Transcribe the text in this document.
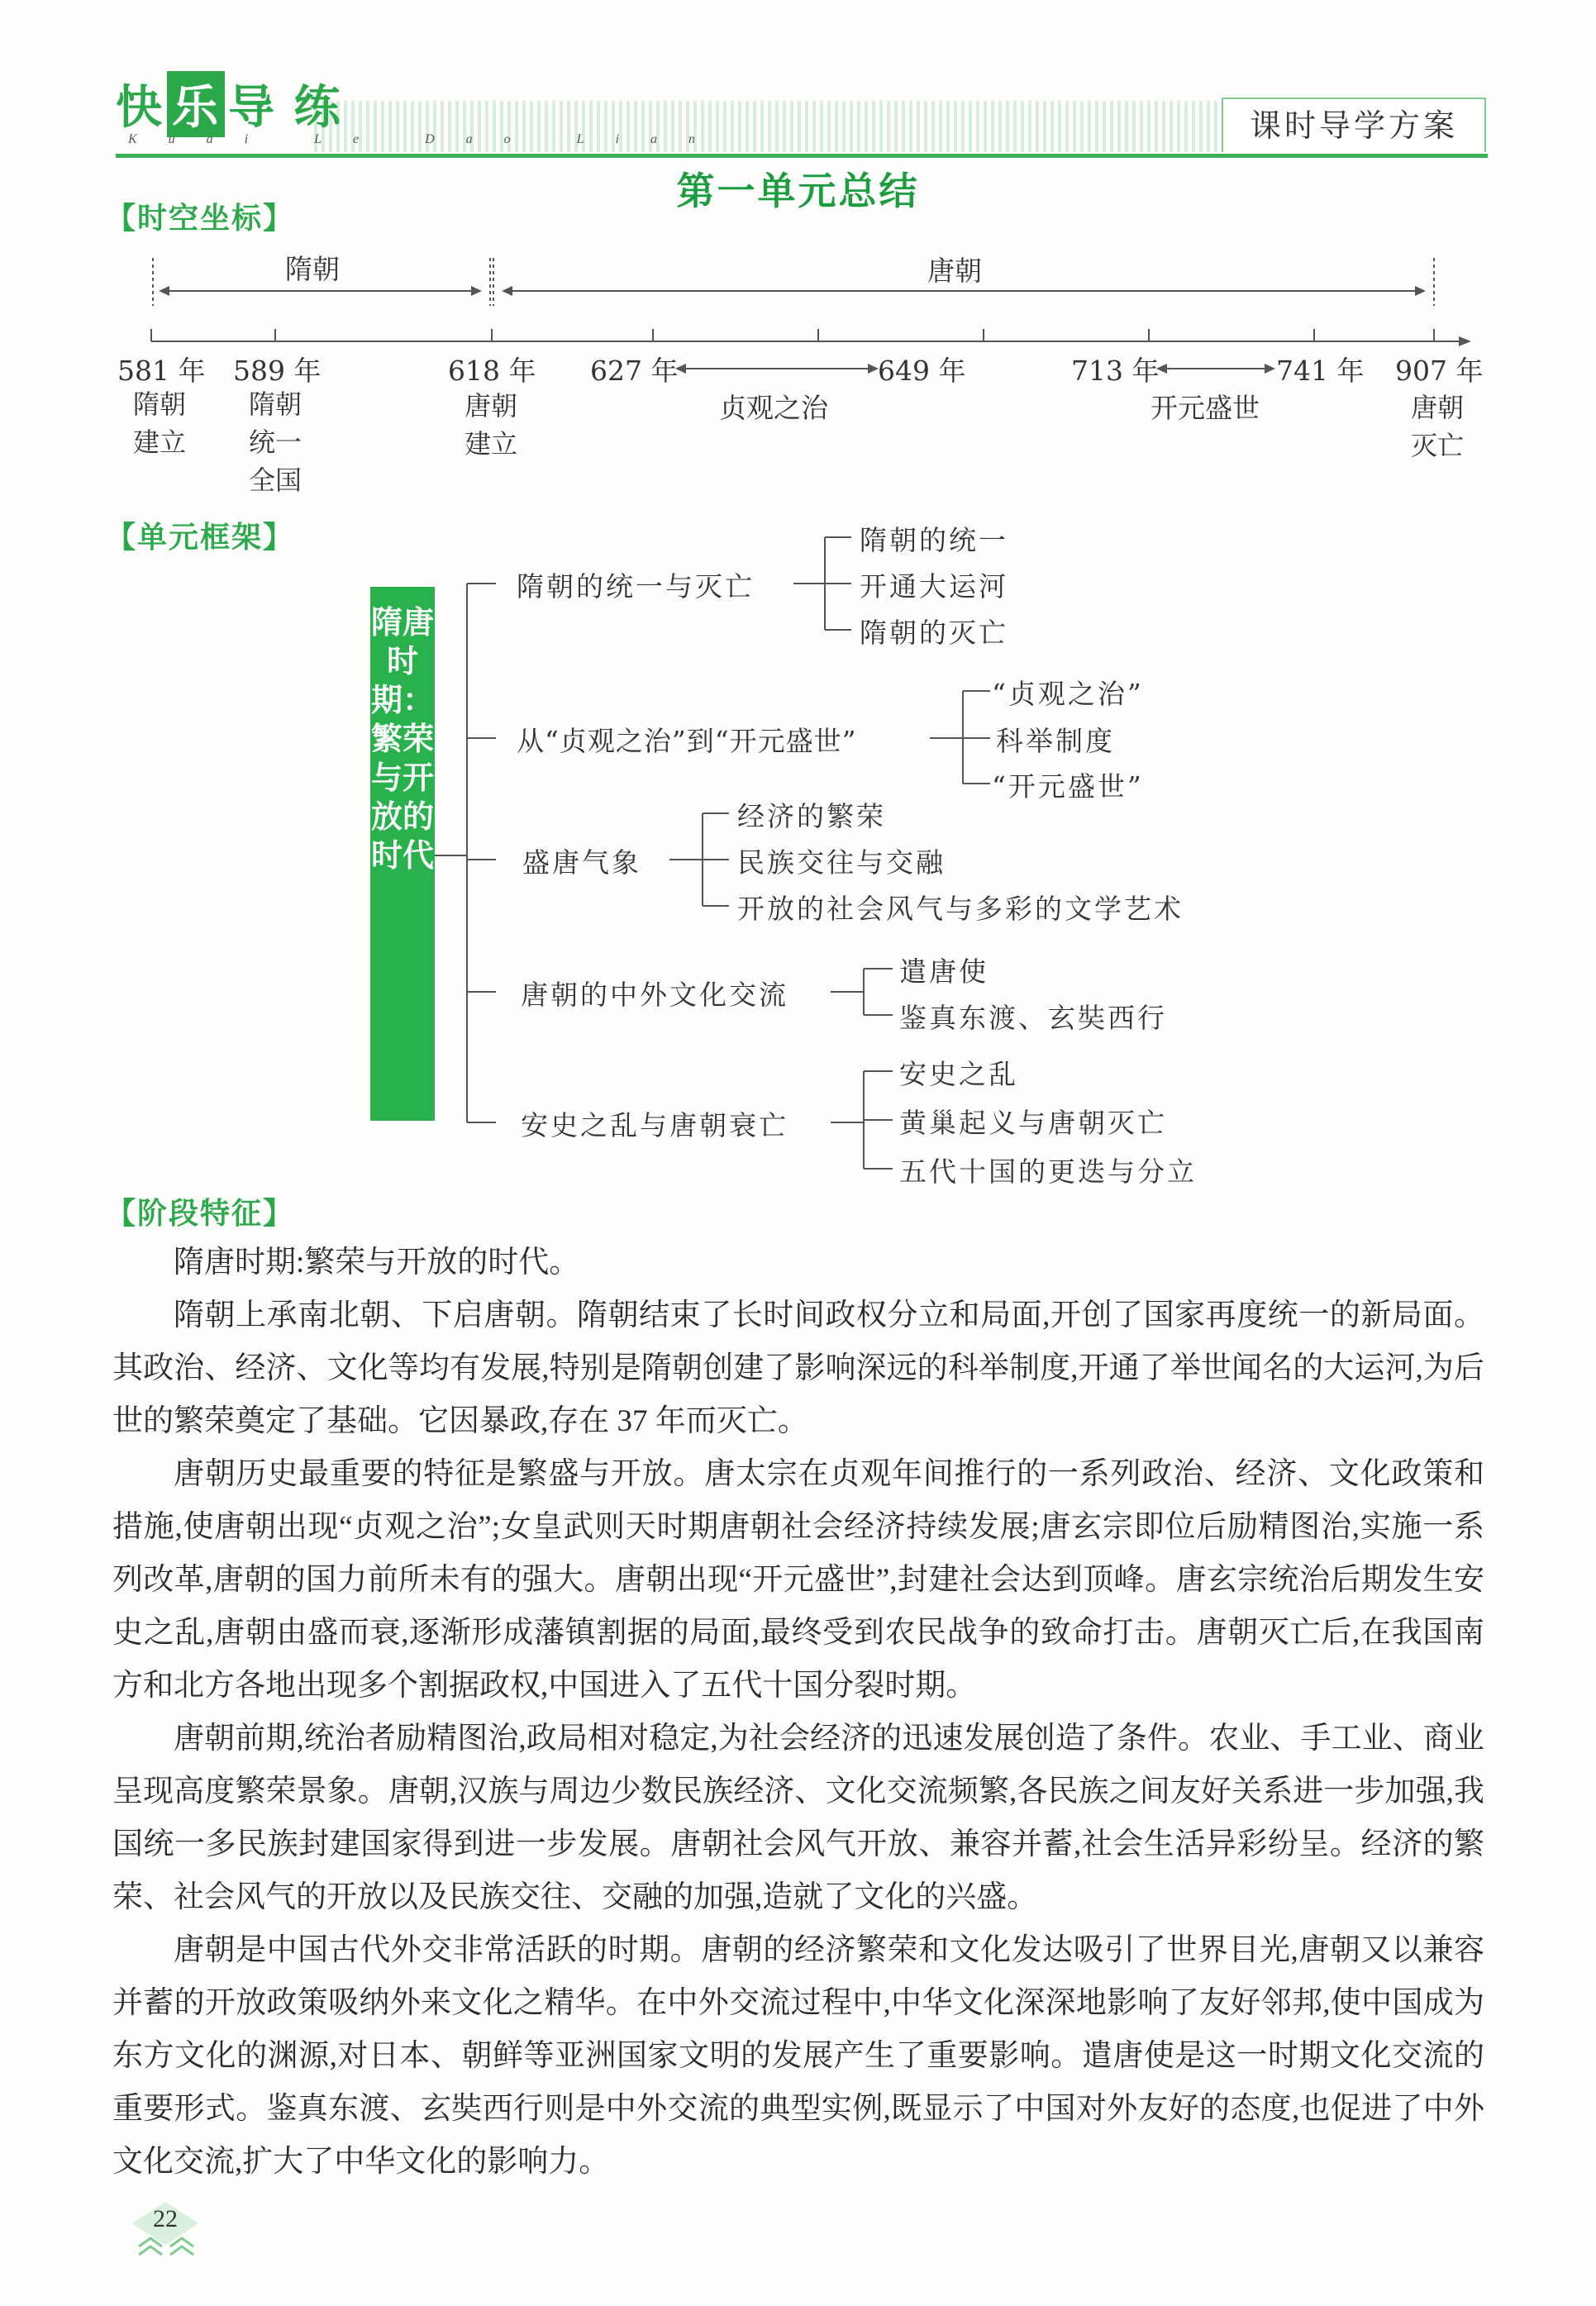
快 乐 导 练
Kuai Le Dao Lian	课时导学方案
第一单元总结
【时空坐标】
隋朝	唐朝
581 年 589 年	618 年 627 年	649 年	713 年	741 年 907 年
隋朝
建立
隋朝
统一
全国
唐朝
建立
唐朝
灭亡
贞观之治	开元盛世
【单元框架】
隋唐时期：繁荣与开放的时代
隋朝的统一与灭亡
隋朝的统一
开通大运河
隋朝的灭亡
从“贞观之治”到“开元盛世”
“贞观之治”
科举制度
“开元盛世”
盛唐气象
经济的繁荣
民族交往与交融
开放的社会风气与多彩的文学艺术
唐朝的中外文化交流
遣唐使
鉴真东渡、玄奘西行
安史之乱与唐朝衰亡
安史之乱
黄巢起义与唐朝灭亡
五代十国的更迭与分立
【阶段特征】

隋唐时期:繁荣与开放的时代。

隋朝上承南北朝、下启唐朝。隋朝结束了长时间政权分立和局面,开创了国家再度统一的新局面。其政治、经济、文化等均有发展,特别是隋朝创建了影响深远的科举制度,开通了举世闻名的大运河,为后世的繁荣奠定了基础。它因暴政,存在 37 年而灭亡。

唐朝历史最重要的特征是繁盛与开放。唐太宗在贞观年间推行的一系列政治、经济、文化政策和措施,使唐朝出现“贞观之治”;女皇武则天时期唐朝社会经济持续发展;唐玄宗即位后励精图治,实施一系列改革,唐朝的国力前所未有的强大。唐朝出现“开元盛世”,封建社会达到顶峰。唐玄宗统治后期发生安史之乱,唐朝由盛而衰,逐渐形成藩镇割据的局面,最终受到农民战争的致命打击。唐朝灭亡后,在我国南方和北方各地出现多个割据政权,中国进入了五代十国分裂时期。

唐朝前期,统治者励精图治,政局相对稳定,为社会经济的迅速发展创造了条件。农业、手工业、商业呈现高度繁荣景象。唐朝,汉族与周边少数民族经济、文化交流频繁,各民族之间友好关系进一步加强,我国统一多民族封建国家得到进一步发展。唐朝社会风气开放、兼容并蓄,社会生活异彩纷呈。经济的繁荣、社会风气的开放以及民族交往、交融的加强,造就了文化的兴盛。

唐朝是中国古代外交非常活跃的时期。唐朝的经济繁荣和文化发达吸引了世界目光,唐朝又以兼容并蓄的开放政策吸纳外来文化之精华。在中外交流过程中,中华文化深深地影响了友好邻邦,使中国成为东方文化的渊源,对日本、朝鲜等亚洲国家文明的发展产生了重要影响。遣唐使是这一时期文化交流的重要形式。鉴真东渡、玄奘西行则是中外交流的典型实例,既显示了中国对外友好的态度,也促进了中外文化交流,扩大了中华文化的影响力。

22
